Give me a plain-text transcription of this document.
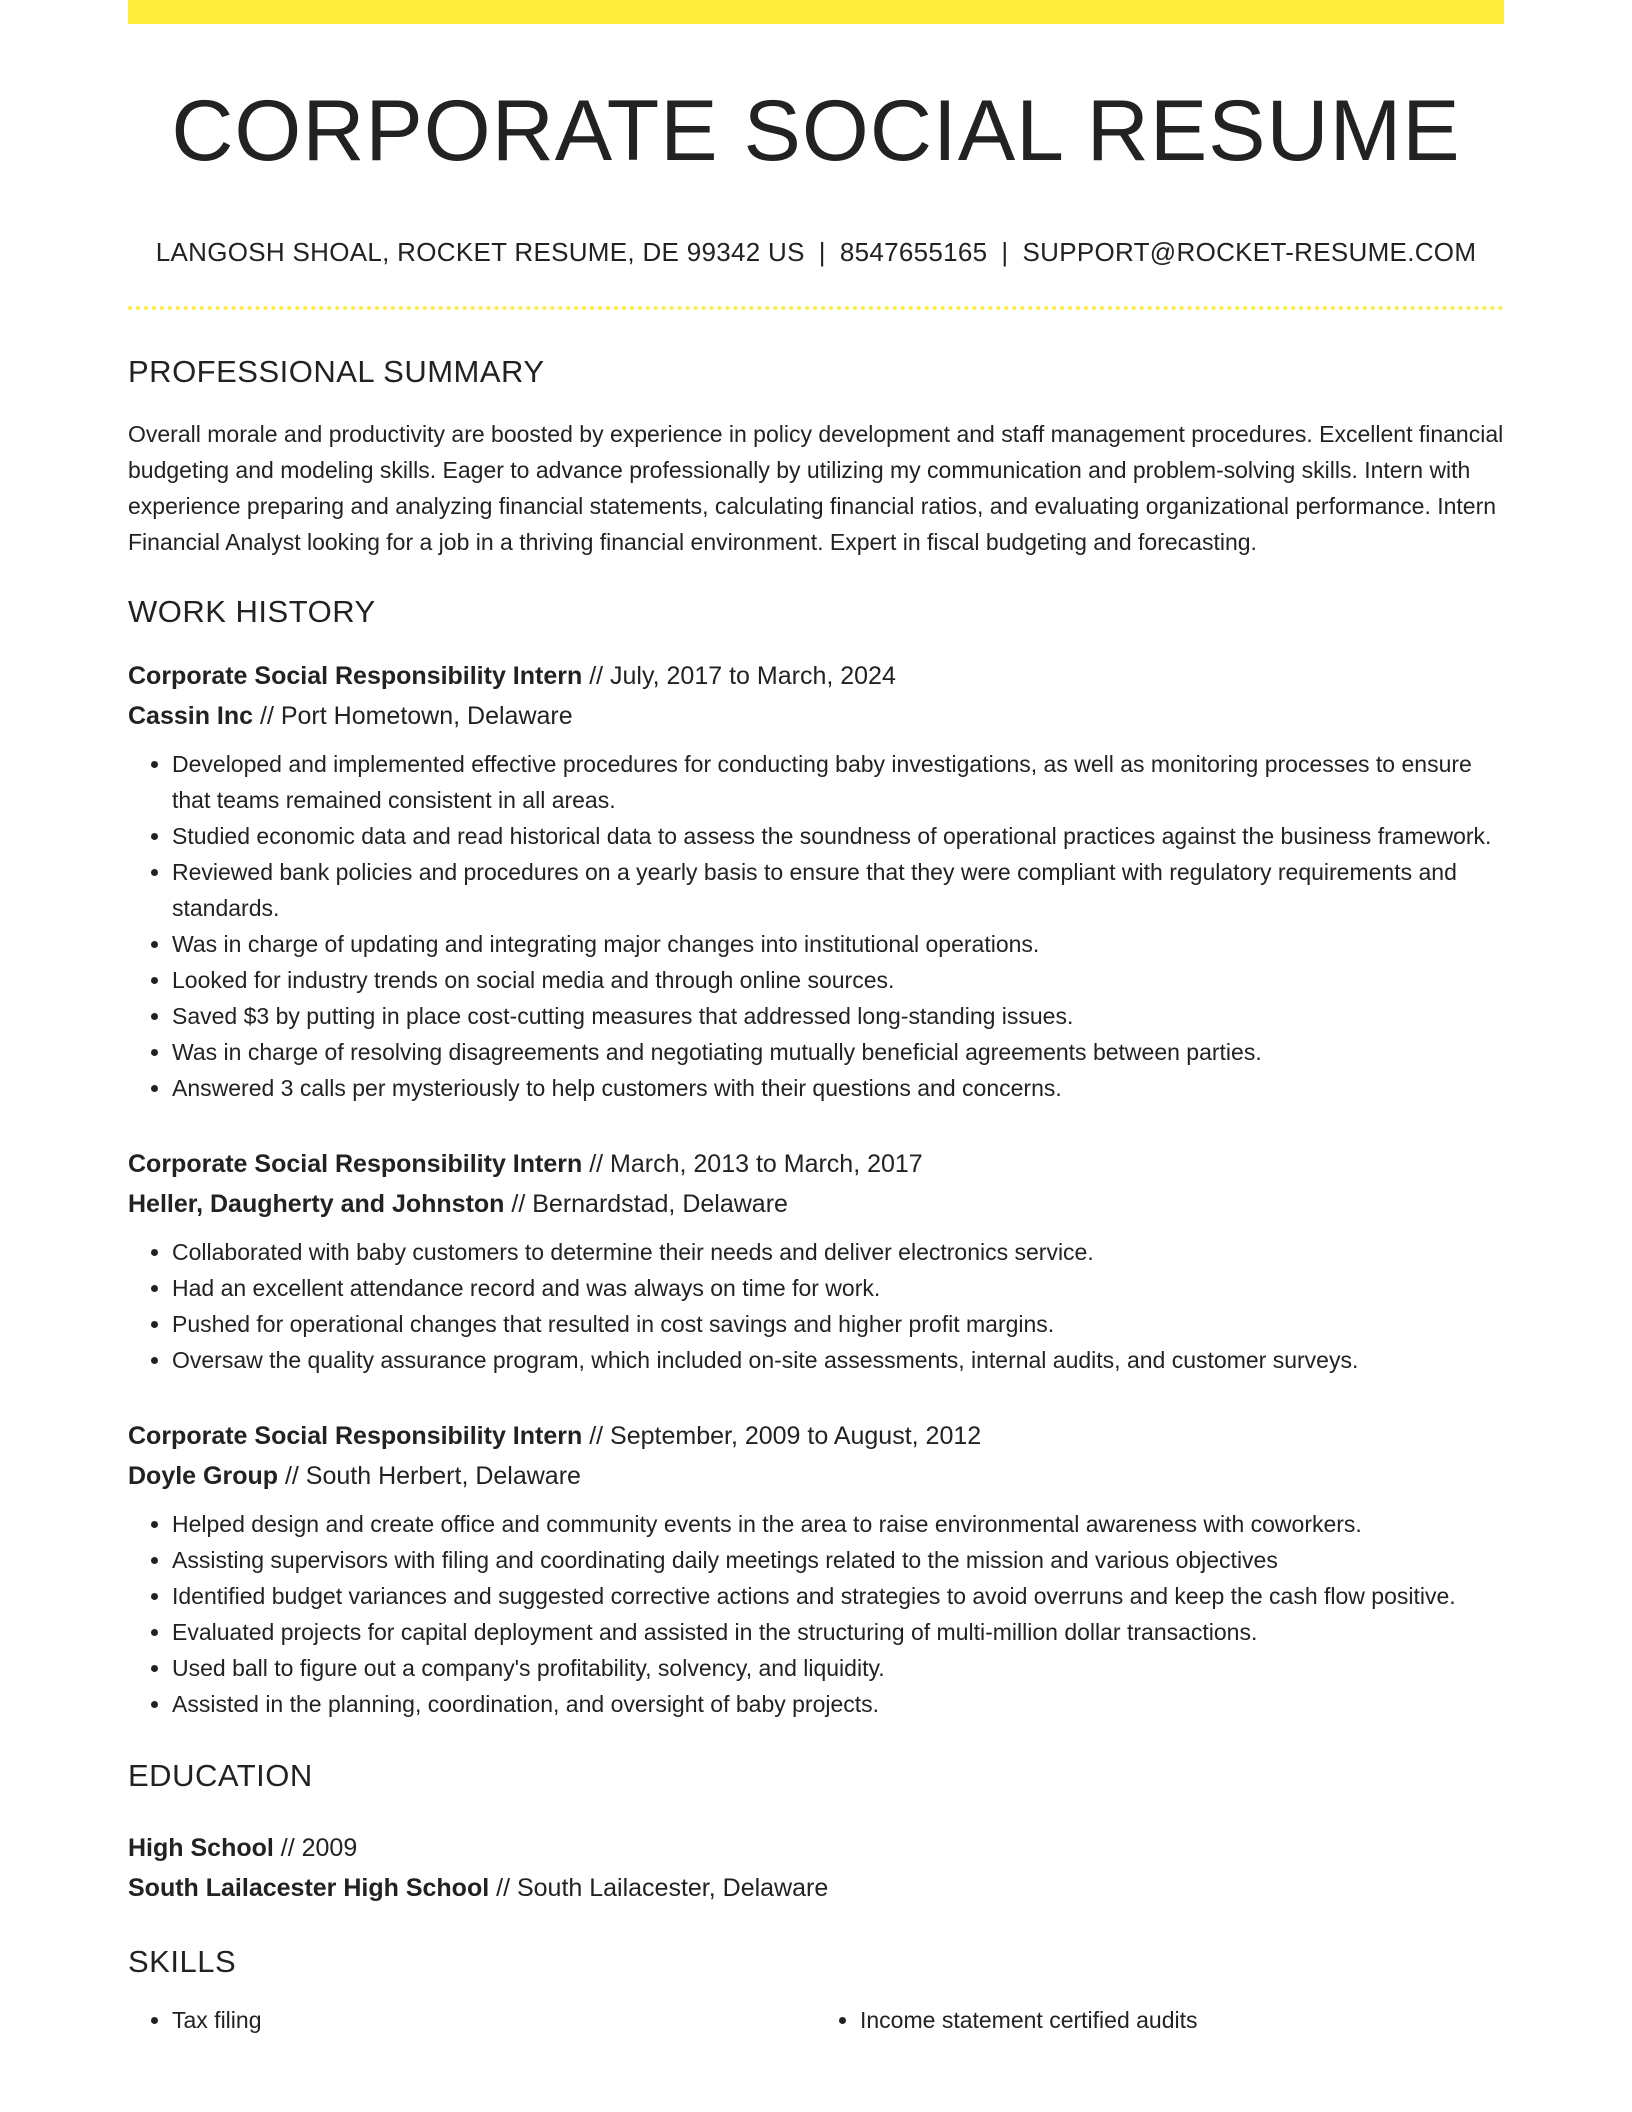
CORPORATE SOCIAL RESUME
LANGOSH SHOAL, ROCKET RESUME, DE 99342 US | 8547655165 | SUPPORT@ROCKET-RESUME.COM
PROFESSIONAL SUMMARY
Overall morale and productivity are boosted by experience in policy development and staff management procedures. Excellent financial budgeting and modeling skills. Eager to advance professionally by utilizing my communication and problem-solving skills. Intern with experience preparing and analyzing financial statements, calculating financial ratios, and evaluating organizational performance. Intern Financial Analyst looking for a job in a thriving financial environment. Expert in fiscal budgeting and forecasting.
WORK HISTORY
Corporate Social Responsibility Intern // July, 2017 to March, 2024
Cassin Inc // Port Hometown, Delaware
• Developed and implemented effective procedures for conducting baby investigations, as well as monitoring processes to ensure that teams remained consistent in all areas.
• Studied economic data and read historical data to assess the soundness of operational practices against the business framework.
• Reviewed bank policies and procedures on a yearly basis to ensure that they were compliant with regulatory requirements and standards.
• Was in charge of updating and integrating major changes into institutional operations.
• Looked for industry trends on social media and through online sources.
• Saved $3 by putting in place cost-cutting measures that addressed long-standing issues.
• Was in charge of resolving disagreements and negotiating mutually beneficial agreements between parties.
• Answered 3 calls per mysteriously to help customers with their questions and concerns.
Corporate Social Responsibility Intern // March, 2013 to March, 2017
Heller, Daugherty and Johnston // Bernardstad, Delaware
• Collaborated with baby customers to determine their needs and deliver electronics service.
• Had an excellent attendance record and was always on time for work.
• Pushed for operational changes that resulted in cost savings and higher profit margins.
• Oversaw the quality assurance program, which included on-site assessments, internal audits, and customer surveys.
Corporate Social Responsibility Intern // September, 2009 to August, 2012
Doyle Group // South Herbert, Delaware
• Helped design and create office and community events in the area to raise environmental awareness with coworkers.
• Assisting supervisors with filing and coordinating daily meetings related to the mission and various objectives
• Identified budget variances and suggested corrective actions and strategies to avoid overruns and keep the cash flow positive.
• Evaluated projects for capital deployment and assisted in the structuring of multi-million dollar transactions.
• Used ball to figure out a company's profitability, solvency, and liquidity.
• Assisted in the planning, coordination, and oversight of baby projects.
EDUCATION
High School // 2009
South Lailacester High School // South Lailacester, Delaware
SKILLS
• Tax filing
•	Income statement certified audits
